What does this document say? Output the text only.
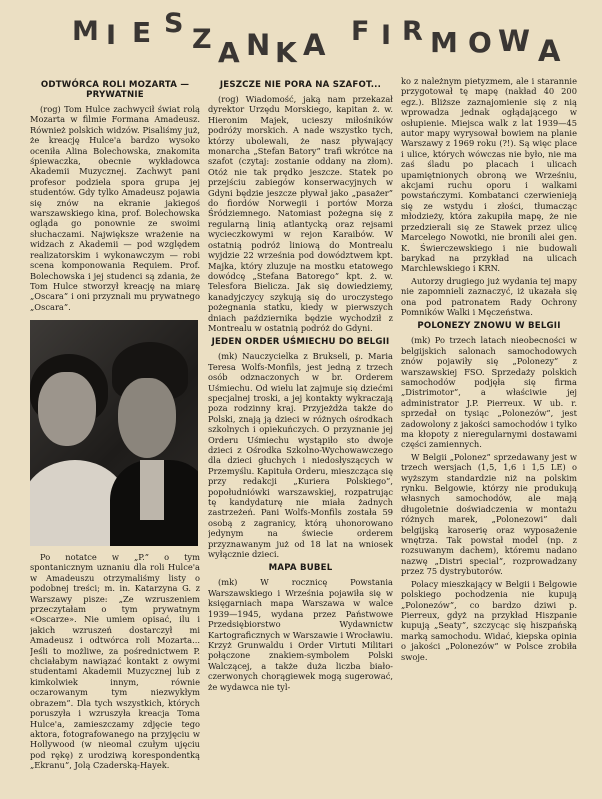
M I E S
Z A N K A F I R M O W A
ODTWÓRCA ROLI MOZARTA — PRYWATNIE

(rog) Tom Hulce zachwycił świat rolą Mozarta w filmie Formana Amadeusz. Również polskich widzów. Pisaliśmy już, że kreację Hulce'a bardzo wysoko oceniła Alina Bolechowska, znakomita śpiewaczka, obecnie wykładowca Akademii Muzycznej. Zachwyt pani profesor podziela spora grupa jej studentów. Gdy tylko Amadeusz pojawia się znów na ekranie jakiegoś warszawskiego kina, prof. Bolechowska ogląda go ponownie ze swoimi słuchaczami. Największe wrażenie na widzach z Akademii — pod względem realizatorskim i wykonawczym — robi scena komponowania Requiem. Prof. Bolechowska i jej studenci są zdania, że Tom Hulce stworzył kreację na miarę „Oscara” i oni przyznali mu prywatnego „Oscara”.

Po notatce w „P.” o tym spontanicznym uznaniu dla roli Hulce'a w Amadeuszu otrzymaliśmy listy o podobnej treści; m. in. Katarzyna G. z Warszawy pisze: „Ze wzruszeniem przeczytałam o tym prywatnym «Oscarze». Nie umiem opisać, ilu i jakich wzruszeń dostarczył mi Amadeusz i odtwórca roli Mozarta... Jeśli to możliwe, za pośrednictwem P. chciałabym nawiązać kontakt z owymi studentami Akademii Muzycznej lub z kimkolwiek innym, równie oczarowanym tym niezwykłym obrazem”. Dla tych wszystkich, których poruszyła i wzruszyła kreacja Toma Hulce'a, zamieszczamy zdjęcie tego aktora, fotografowanego na przyjęciu w Hollywood (w nieomal czułym ujęciu pod rękę) z urodziwą korespondentką „Ekranu”, Jolą Czaderską-Hayek.

JESZCZE NIE PORA NA SZAFOT...

(rog) Wiadomość, jaką nam przekazał dyrektor Urzędu Morskiego, kapitan ż. w. Hieronim Majek, ucieszy miłośników podróży morskich. A nade wszystko tych, którzy ubolewali, że nasz pływający monarcha „Stefan Batory” trafi wkrótce na szafot (czytaj: zostanie oddany na złom). Otóż nie tak prędko jeszcze. Statek po przejściu zabiegów konserwacyjnych w Gdyni będzie jeszcze pływał jako „pasażer” do fiordów Norwegii i portów Morza Śródziemnego. Natomiast pożegna się z regularną linią atlantycką oraz rejsami wycieczkowymi w rejon Karaibów. W ostatnią podróż liniową do Montrealu wyjdzie 22 września pod dowództwem kpt. Majka, który zluzuje na mostku etatowego dowódcę „Stefana Batorego” kpt. ż. w. Telesfora Bielicza. Jak się dowiedziemy, kanadyjczycy szykują się do uroczystego pożegnania statku, kiedy w pierwszych dniach października będzie wychodził z Montrealu w ostatnią podróż do Gdyni.

JEDEN ORDER UŚMIECHU DO BELGII

(mk) Nauczycielka z Brukseli, p. Maria Teresa Wolfs-Monfils, jest jedną z trzech osób odznaczonych w br. Orderem Uśmiechu. Od wielu lat zajmuje się dziećmi specjalnej troski, a jej kontakty wykraczają poza rodzinny kraj. Przyjeżdża także do Polski, znają ją dzieci w różnych ośrodkach szkolnych i opiekuńczych. O przyznanie jej Orderu Uśmiechu wystąpiło sto dwoje dzieci z Ośrodka Szkolno-Wychowawczego dla dzieci głuchych i niedosłyszących w Przemyślu. Kapituła Orderu, mieszcząca się przy redakcji „Kuriera Polskiego”, popołudniówki warszawskiej, rozpatrując tę kandydaturę nie miała żadnych zastrzeżeń. Pani Wolfs-Monfils została 59 osobą z zagranicy, którą uhonorowano jedynym na świecie orderem przyznawanym już od 18 lat na wniosek wyłącznie dzieci.

MAPA BUBEL

(mk) W rocznicę Powstania Warszawskiego i Września pojawiła się w księgarniach mapa Warszawa w walce 1939—1945, wydana przez Państwowe Przedsiębiorstwo Wydawnictw Kartograficznych w Warszawie i Wrocławiu. Krzyż Grunwaldu i Order Virtuti Militari połączone znakiem-symbolem Polski Walczącej, a także duża liczba biało-czerwonych chorągiewek mogą sugerować, że wydawca nie tyl-

ko z należnym pietyzmem, ale i starannie przygotował tę mapę (nakład 40 200 egz.). Bliższe zaznajomienie się z nią wprowadza jednak ogłądającego w osłupienie. Miejsca walk z lat 1939—45 autor mapy wyrysował bowiem na planie Warszawy z 1969 roku (?!). Są więc place i ulice, których wówczas nie było, nie ma zaś śladu po placach i ulicach upamiętnionych obroną we Wrześniu, akcjami ruchu oporu i walkami powstańczymi. Kombatanci czerwienieją się ze wstydu i złości, tłumacząc młodzieży, która zakupiła mapę, że nie przedzierali się ze Stawek przez ulicę Marcelego Nowotki, nie bronili alei gen. K. Świerczewskiego i nie budowali barykad na przykład na ulicach Marchlewskiego i KRN.

Autorzy drugiego już wydania tej mapy nie zapomnieli zaznaczyć, iż ukazała się ona pod patronatem Rady Ochrony Pomników Walki i Męczeństwa.

POLONEZY ZNOWU W BELGII

(mk) Po trzech latach nieobecności w belgijskich salonach samochodowych znów pojawiły się „Polonezy” z warszawskiej FSO. Sprzedaży polskich samochodów podjęła się firma „Distrimotor”, a właściwie jej administrator J.P. Pierreux. W ub. r. sprzedał on tysiąc „Polonezów”, jest zadowolony z jakości samochodów i tylko ma kłopoty z nieregularnymi dostawami części zamiennych.

W Belgii „Polonez” sprzedawany jest w trzech wersjach (1,5, 1,6 i 1,5 LE) o wyższym standardzie niż na polskim rynku. Belgowie, którzy nie produkują własnych samochodów, ale mają długoletnie doświadczenia w montażu różnych marek, „Polonezowi” dali belgijską karoserię oraz wyposażenie wnętrza. Tak powstał model (np. z rozsuwanym dachem), któremu nadano nazwę „Distri special”, rozprowadzany przez 75 dystrybutorów.

Polacy mieszkający w Belgii i Belgowie polskiego pochodzenia nie kupują „Polonezów”, co bardzo dziwi p. Pierreux, gdyż na przykład Hiszpanie kupują „Seaty”, szczycąc się hiszpańską marką samochodu. Widać, kiepska opinia o jakości „Polonezów” w Polsce zrobiła swoje.
